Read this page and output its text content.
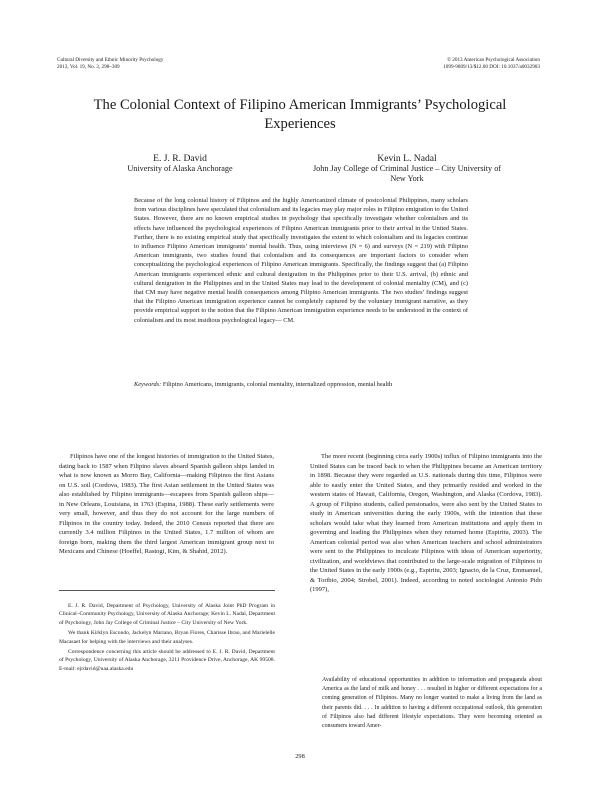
Cultural Diversity and Ethnic Minority Psychology
2013, Vol. 19, No. 3, 298–309
© 2013 American Psychological Association
1099-9809/13/$12.00 DOI: 10.1037/a0032903
The Colonial Context of Filipino American Immigrants’ Psychological Experiences
E. J. R. David
University of Alaska Anchorage
Kevin L. Nadal
John Jay College of Criminal Justice – City University of New York

Because of the long colonial history of Filipinos and the highly Americanized climate of postcolonial Philippines, many scholars from various disciplines have speculated that colonialism and its legacies may play major roles in Filipino emigration to the United States. However, there are no known empirical studies in psychology that specifically investigate whether colonialism and its effects have influenced the psychological experiences of Filipino American immigrants prior to their arrival in the United States. Further, there is no existing empirical study that specifically investigates the extent to which colonialism and its legacies continue to influence Filipino American immigrants’ mental health. Thus, using interviews (N = 6) and surveys (N = 219) with Filipino American immigrants, two studies found that colonialism and its consequences are important factors to consider when conceptualizing the psychological experiences of Filipino American immigrants. Specifically, the findings suggest that (a) Filipino American immigrants experienced ethnic and cultural denigration in the Philippines prior to their U.S. arrival, (b) ethnic and cultural denigration in the Philippines and in the United States may lead to the development of colonial mentality (CM), and (c) that CM may have negative mental health consequences among Filipino American immigrants. The two studies’ findings suggest that the Filipino American immigration experience cannot be completely captured by the voluntary immigrant narrative, as they provide empirical support to the notion that the Filipino American immigration experience needs to be understood in the context of colonialism and its most insidious psychological legacy— CM.

Keywords: Filipino Americans, immigrants, colonial mentality, internalized oppression, mental health

Filipinos have one of the longest histories of immigration to the United States, dating back to 1587 when Filipino slaves aboard Spanish galleon ships landed in what is now known as Morro Bay, California—making Filipinos the first Asians on U.S. soil (Cordova, 1983). The first Asian settlement in the United States was also established by Filipino immigrants—escapees from Spanish galleon ships—in New Orleans, Louisiana, in 1763 (Espina, 1988). These early settlements were very small, however, and thus they do not account for the large numbers of Filipinos in the country today. Indeed, the 2010 Census reported that there are currently 3.4 million Filipinos in the United States, 1.7 million of whom are foreign born, making them the third largest American immigrant group next to Mexicans and Chinese (Hoeffel, Rastogi, Kim, & Shahid, 2012).

E. J. R. David, Department of Psychology, University of Alaska Joint PhD Program in Clinical–Community Psychology, University of Alaska Anchorage; Kevin L. Nadal, Department of Psychology, John Jay College of Criminal Justice – City University of New York.

We thank Kirklyn Escondo, Jackelyn Mariano, Bryan Flores, Charisse Ibrao, and Marielelle Macasaet for helping with the interviews and their analyses.

Correspondence concerning this article should be addressed to E. J. R. David, Department of Psychology, University of Alaska Anchorage, 3211 Providence Drive, Anchorage, AK 99508. E-mail: ejrdavid@uaa.alaska.edu

The more recent (beginning circa early 1900s) influx of Filipino immigrants into the United States can be traced back to when the Philippines became an American territory in 1898. Because they were regarded as U.S. nationals during this time, Filipinos were able to easily enter the United States, and they primarily resided and worked in the western states of Hawaii, California, Oregon, Washington, and Alaska (Cordova, 1983). A group of Filipino students, called pensionados, were also sent by the United States to study in American universities during the early 1900s, with the intention that these scholars would take what they learned from American institutions and apply them in governing and leading the Philippines when they returned home (Espiritu, 2003). The American colonial period was also when American teachers and school administrators were sent to the Philippines to inculcate Filipinos with ideas of American superiority, civilization, and worldviews that contributed to the large-scale migration of Filipinos to the United States in the early 1900s (e.g., Espiritu, 2003; Ignacio, de la Cruz, Emmanuel, & Toribio, 2004; Strobel, 2001). Indeed, according to noted sociologist Antonio Pido (1997),

Availability of educational opportunities in addition to information and propaganda about America as the land of milk and honey . . . resulted in higher or different expectations for a coming generation of Filipinos. Many no longer wanted to make a living from the land as their parents did. . . . In addition to having a different occupational outlook, this generation of Filipinos also had different lifestyle expectations. They were becoming oriented as consumers toward Amer-

298
